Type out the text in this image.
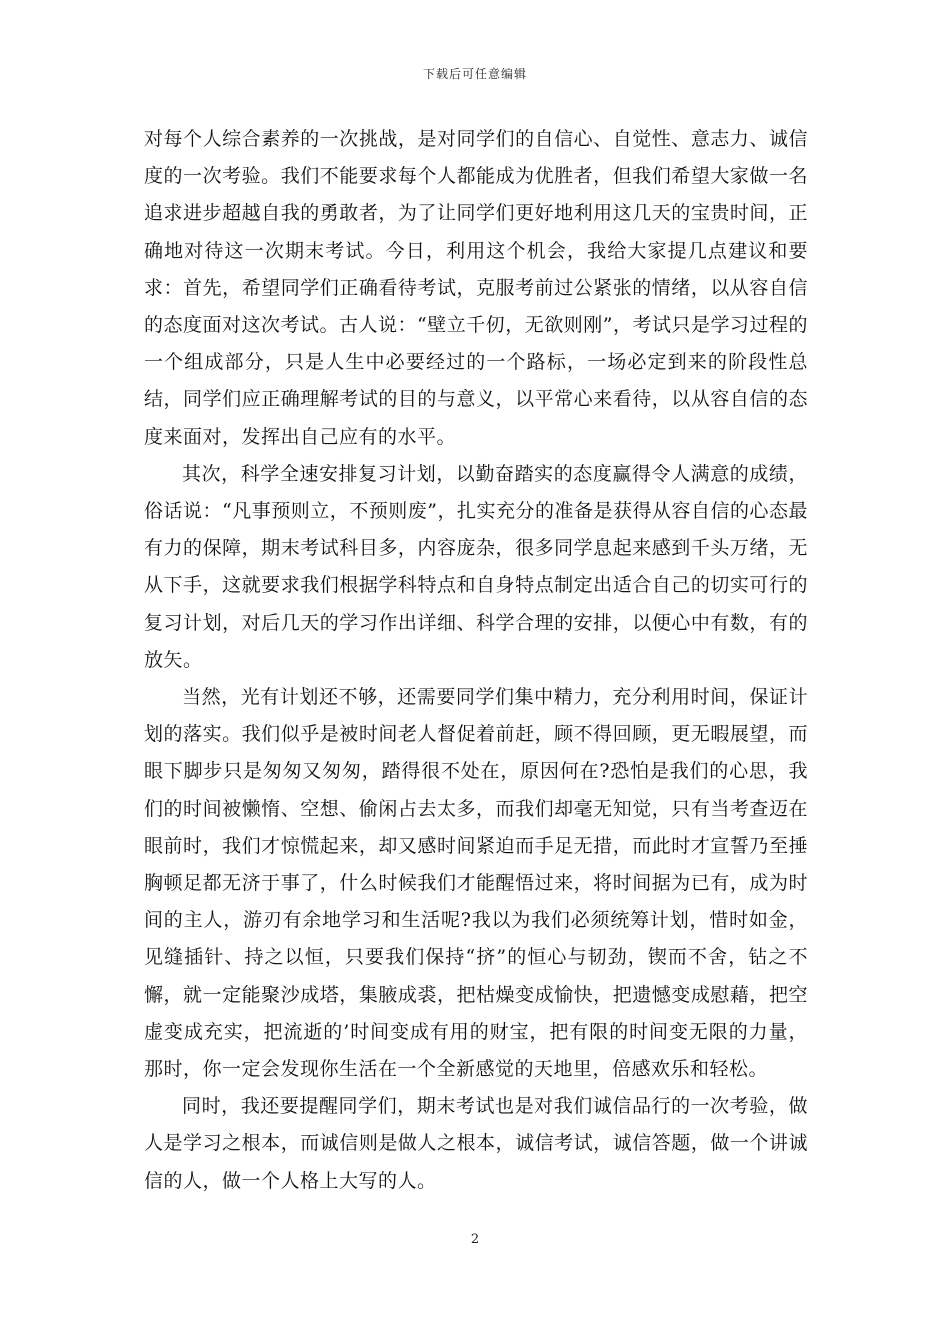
下载后可任意编辑

对每个人综合素养的一次挑战，是对同学们的自信心、自觉性、意志力、诚信度的一次考验。我们不能要求每个人都能成为优胜者，但我们希望大家做一名追求进步超越自我的勇敢者，为了让同学们更好地利用这几天的宝贵时间，正确地对待这一次期末考试。今日，利用这个机会，我给大家提几点建议和要求：首先，希望同学们正确看待考试，克服考前过公紧张的情绪，以从容自信的态度面对这次考试。古人说：“壁立千仞，无欲则刚”，考试只是学习过程的一个组成部分，只是人生中必要经过的一个路标，一场必定到来的阶段性总结，同学们应正确理解考试的目的与意义，以平常心来看待，以从容自信的态度来面对，发挥出自己应有的水平。

其次，科学全速安排复习计划，以勤奋踏实的态度赢得令人满意的成绩，俗话说：“凡事预则立，不预则废”，扎实充分的准备是获得从容自信的心态最有力的保障，期末考试科目多，内容庞杂，很多同学息起来感到千头万绪，无从下手，这就要求我们根据学科特点和自身特点制定出适合自己的切实可行的复习计划，对后几天的学习作出详细、科学合理的安排，以便心中有数，有的放矢。

当然，光有计划还不够，还需要同学们集中精力，充分利用时间，保证计划的落实。我们似乎是被时间老人督促着前赶，顾不得回顾，更无暇展望，而眼下脚步只是匆匆又匆匆，踏得很不处在，原因何在?恐怕是我们的心思，我们的时间被懒惰、空想、偷闲占去太多，而我们却毫无知觉，只有当考查迈在眼前时，我们才惊慌起来，却又感时间紧迫而手足无措，而此时才宣誓乃至捶胸顿足都无济于事了，什么时候我们才能醒悟过来，将时间据为已有，成为时间的主人，游刃有余地学习和生活呢?我以为我们必须统筹计划，惜时如金，见缝插针、持之以恒，只要我们保持“挤”的恒心与韧劲，锲而不舍，钻之不懈，就一定能聚沙成塔，集腋成裘，把枯燥变成愉快，把遗憾变成慰藉，把空虚变成充实，把流逝的’时间变成有用的财宝，把有限的时间变无限的力量，那时，你一定会发现你生活在一个全新感觉的天地里，倍感欢乐和轻松。

同时，我还要提醒同学们，期末考试也是对我们诚信品行的一次考验，做人是学习之根本，而诚信则是做人之根本，诚信考试，诚信答题，做一个讲诚信的人，做一个人格上大写的人。

2
